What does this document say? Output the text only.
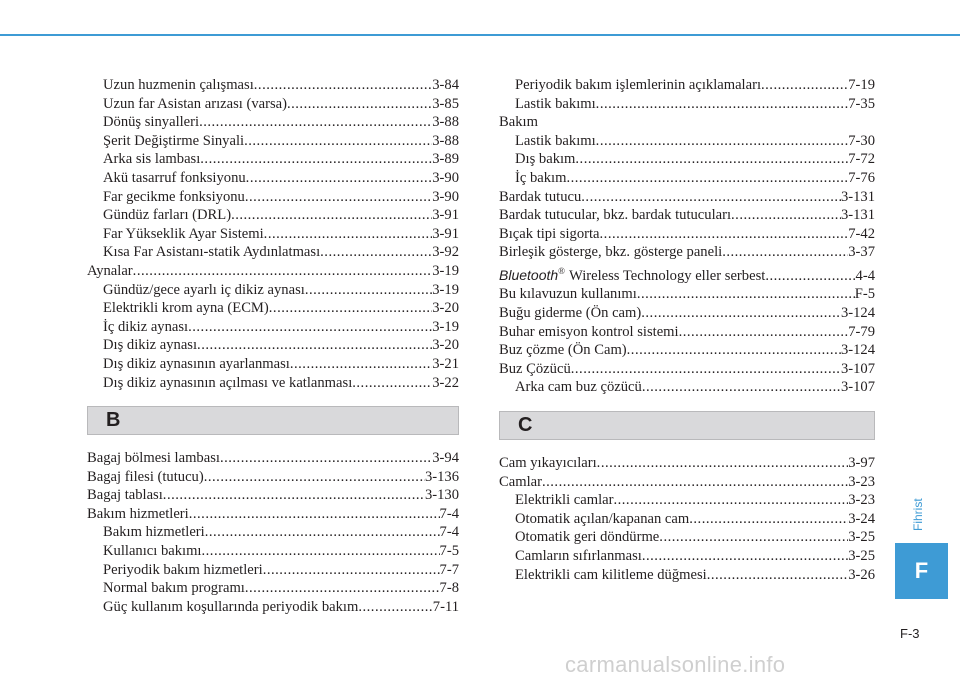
Uzun huzmenin çalışması .....	3-84
Uzun far Asistan arızası (varsa) .....	3-85
Dönüş sinyalleri .....	3-88
Şerit Değiştirme Sinyali .....	3-88
Arka sis lambası .....	3-89
Akü tasarruf fonksiyonu .....	3-90
Far gecikme fonksiyonu .....	3-90
Gündüz farları (DRL) .....	3-91
Far Yükseklik Ayar Sistemi .....	3-91
Kısa Far Asistanı-statik Aydınlatması .....	3-92
Aynalar .....	3-19
Gündüz/gece ayarlı iç dikiz aynası .....	3-19
Elektrikli krom ayna (ECM) .....	3-20
İç dikiz aynası .....	3-19
Dış dikiz aynası .....	3-20
Dış dikiz aynasının ayarlanması .....	3-21
Dış dikiz aynasının açılması ve katlanması .....	3-22
B
Bagaj bölmesi lambası .....	3-94
Bagaj filesi (tutucu) .....	3-136
Bagaj tablası .....	3-130
Bakım hizmetleri .....	7-4
Bakım hizmetleri .....	7-4
Kullanıcı bakımı .....	7-5
Periyodik bakım hizmetleri .....	7-7
Normal bakım programı .....	7-8
Güç kullanım koşullarında periyodik bakım .....	7-11
Periyodik bakım işlemlerinin açıklamaları .....	7-19
Lastik bakımı .....	7-35
Bakım
Lastik bakımı .....	7-30
Dış bakım .....	7-72
İç bakım .....	7-76
Bardak tutucu .....	3-131
Bardak tutucular, bkz. bardak tutucuları .....	3-131
Bıçak tipi sigorta .....	7-42
Birleşik gösterge, bkz. gösterge paneli .....	3-37
Bluetooth® Wireless Technology eller serbest .....	4-4
Bu kılavuzun kullanımı .....	F-5
Buğu giderme (Ön cam) .....	3-124
Buhar emisyon kontrol sistemi .....	7-79
Buz çözme (Ön Cam) .....	3-124
Buz Çözücü .....	3-107
Arka cam buz çözücü .....	3-107
C
Cam yıkayıcıları .....	3-97
Camlar .....	3-23
Elektrikli camlar .....	3-23
Otomatik açılan/kapanan cam .....	3-24
Otomatik geri döndürme .....	3-25
Camların sıfırlanması .....	3-25
Elektrikli cam kilitleme düğmesi .....	3-26
Fihrist
F
F-3
carmanualsonline.info
